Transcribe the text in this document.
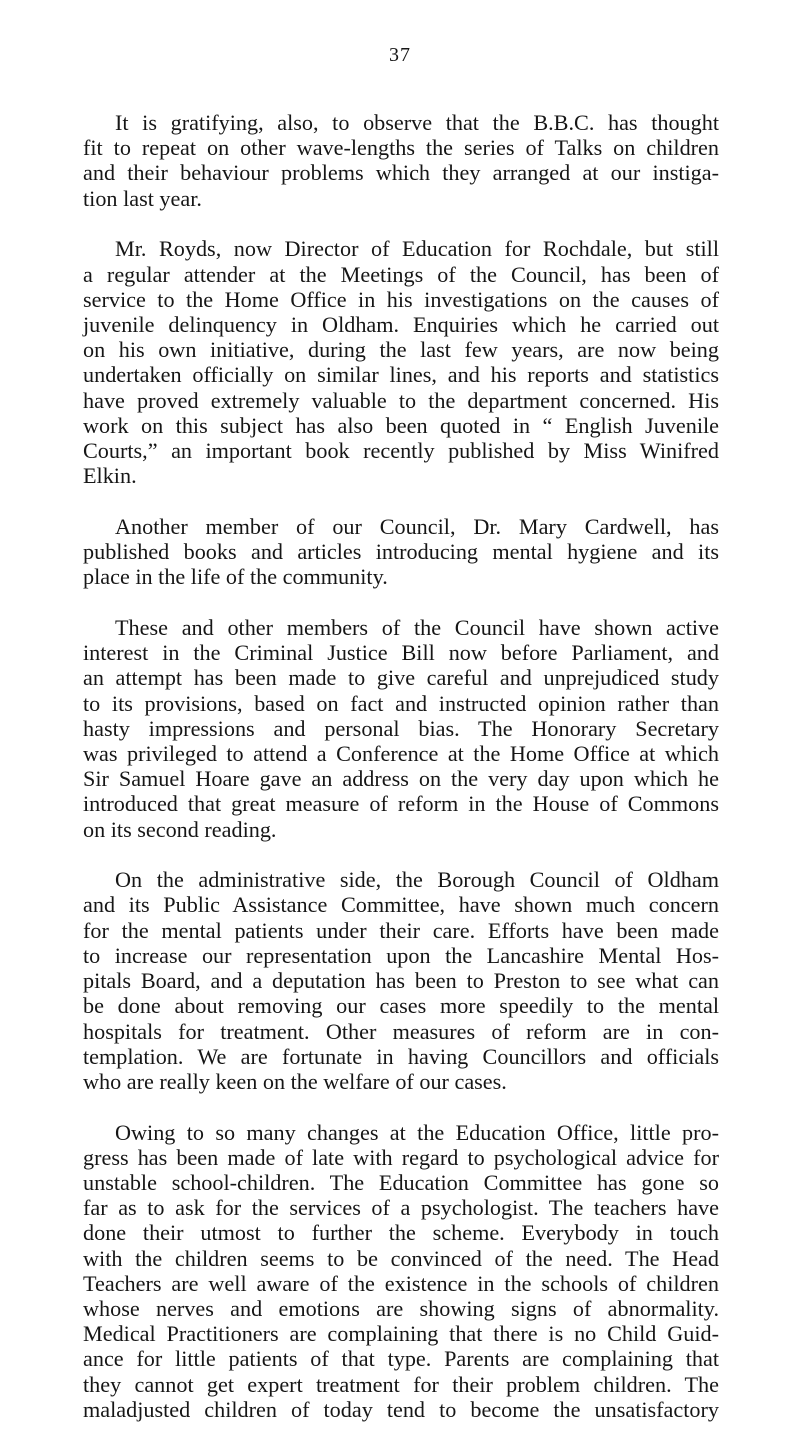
37
It is gratifying, also, to observe that the B.B.C. has thought
fit to repeat on other wave-lengths the series of Talks on children
and their behaviour problems which they arranged at our instiga-
tion last year.
Mr. Royds, now Director of Education for Rochdale, but still
a regular attender at the Meetings of the Council, has been of
service to the Home Office in his investigations on the causes of
juvenile delinquency in Oldham. Enquiries which he carried out
on his own initiative, during the last few years, are now being
undertaken officially on similar lines, and his reports and statistics
have proved extremely valuable to the department concerned. His
work on this subject has also been quoted in “ English Juvenile
Courts,” an important book recently published by Miss Winifred
Elkin.
Another member of our Council, Dr. Mary Cardwell, has
published books and articles introducing mental hygiene and its
place in the life of the community.
These and other members of the Council have shown active
interest in the Criminal Justice Bill now before Parliament, and
an attempt has been made to give careful and unprejudiced study
to its provisions, based on fact and instructed opinion rather than
hasty impressions and personal bias. The Honorary Secretary
was privileged to attend a Conference at the Home Office at which
Sir Samuel Hoare gave an address on the very day upon which he
introduced that great measure of reform in the House of Commons
on its second reading.
On the administrative side, the Borough Council of Oldham
and its Public Assistance Committee, have shown much concern
for the mental patients under their care. Efforts have been made
to increase our representation upon the Lancashire Mental Hos-
pitals Board, and a deputation has been to Preston to see what can
be done about removing our cases more speedily to the mental
hospitals for treatment. Other measures of reform are in con-
templation. We are fortunate in having Councillors and officials
who are really keen on the welfare of our cases.
Owing to so many changes at the Education Office, little pro-
gress has been made of late with regard to psychological advice for
unstable school-children. The Education Committee has gone so
far as to ask for the services of a psychologist. The teachers have
done their utmost to further the scheme. Everybody in touch
with the children seems to be convinced of the need. The Head
Teachers are well aware of the existence in the schools of children
whose nerves and emotions are showing signs of abnormality.
Medical Practitioners are complaining that there is no Child Guid-
ance for little patients of that type. Parents are complaining that
they cannot get expert treatment for their problem children. The
maladjusted children of today tend to become the unsatisfactory
